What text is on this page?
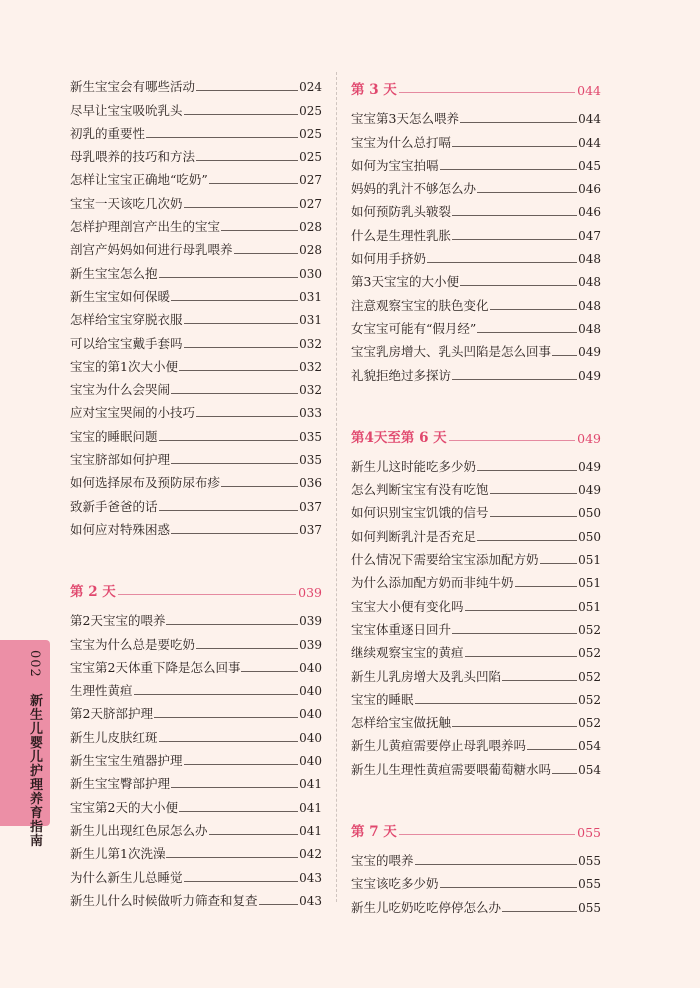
新生宝宝会有哪些活动	024
尽早让宝宝吸吮乳头	025
初乳的重要性	025
母乳喂养的技巧和方法	025
怎样让宝宝正确地“吃奶”	027
宝宝一天该吃几次奶	027
怎样护理剖宫产出生的宝宝	028
剖宫产妈妈如何进行母乳喂养	028
新生宝宝怎么抱	030
新生宝宝如何保暖	031
怎样给宝宝穿脱衣服	031
可以给宝宝戴手套吗	032
宝宝的第1次大小便	032
宝宝为什么会哭闹	032
应对宝宝哭闹的小技巧	033
宝宝的睡眠问题	035
宝宝脐部如何护理	035
如何选择尿布及预防尿布疹	036
致新手爸爸的话	037
如何应对特殊困惑	037
第 2 天	039
第2天宝宝的喂养	039
宝宝为什么总是要吃奶	039
宝宝第2天体重下降是怎么回事	040
生理性黄疸	040
第2天脐部护理	040
新生儿皮肤红斑	040
新生宝宝生殖器护理	040
新生宝宝臀部护理	041
宝宝第2天的大小便	041
新生儿出现红色尿怎么办	041
新生儿第1次洗澡	042
为什么新生儿总睡觉	043
新生儿什么时候做听力筛查和复查	043
第 3 天	044
宝宝第3天怎么喂养	044
宝宝为什么总打嗝	044
如何为宝宝拍嗝	045
妈妈的乳汁不够怎么办	046
如何预防乳头皲裂	046
什么是生理性乳胀	047
如何用手挤奶	048
第3天宝宝的大小便	048
注意观察宝宝的肤色变化	048
女宝宝可能有“假月经”	048
宝宝乳房增大、乳头凹陷是怎么回事 049
礼貌拒绝过多探访	049
第4天至第 6 天	049
新生儿这时能吃多少奶	049
怎么判断宝宝有没有吃饱	049
如何识别宝宝饥饿的信号	050
如何判断乳汁是否充足	050
什么情况下需要给宝宝添加配方奶	051
为什么添加配方奶而非纯牛奶	051
宝宝大小便有变化吗	051
宝宝体重逐日回升	052
继续观察宝宝的黄疸	052
新生儿乳房增大及乳头凹陷	052
宝宝的睡眠	052
怎样给宝宝做抚触	052
新生儿黄疸需要停止母乳喂养吗	054
新生儿生理性黄疸需要喂葡萄糖水吗 054
第 7 天	055
宝宝的喂养	055
宝宝该吃多少奶	055
新生儿吃奶吃吃停停怎么办	055
002 新生儿婴儿护理养育指南
